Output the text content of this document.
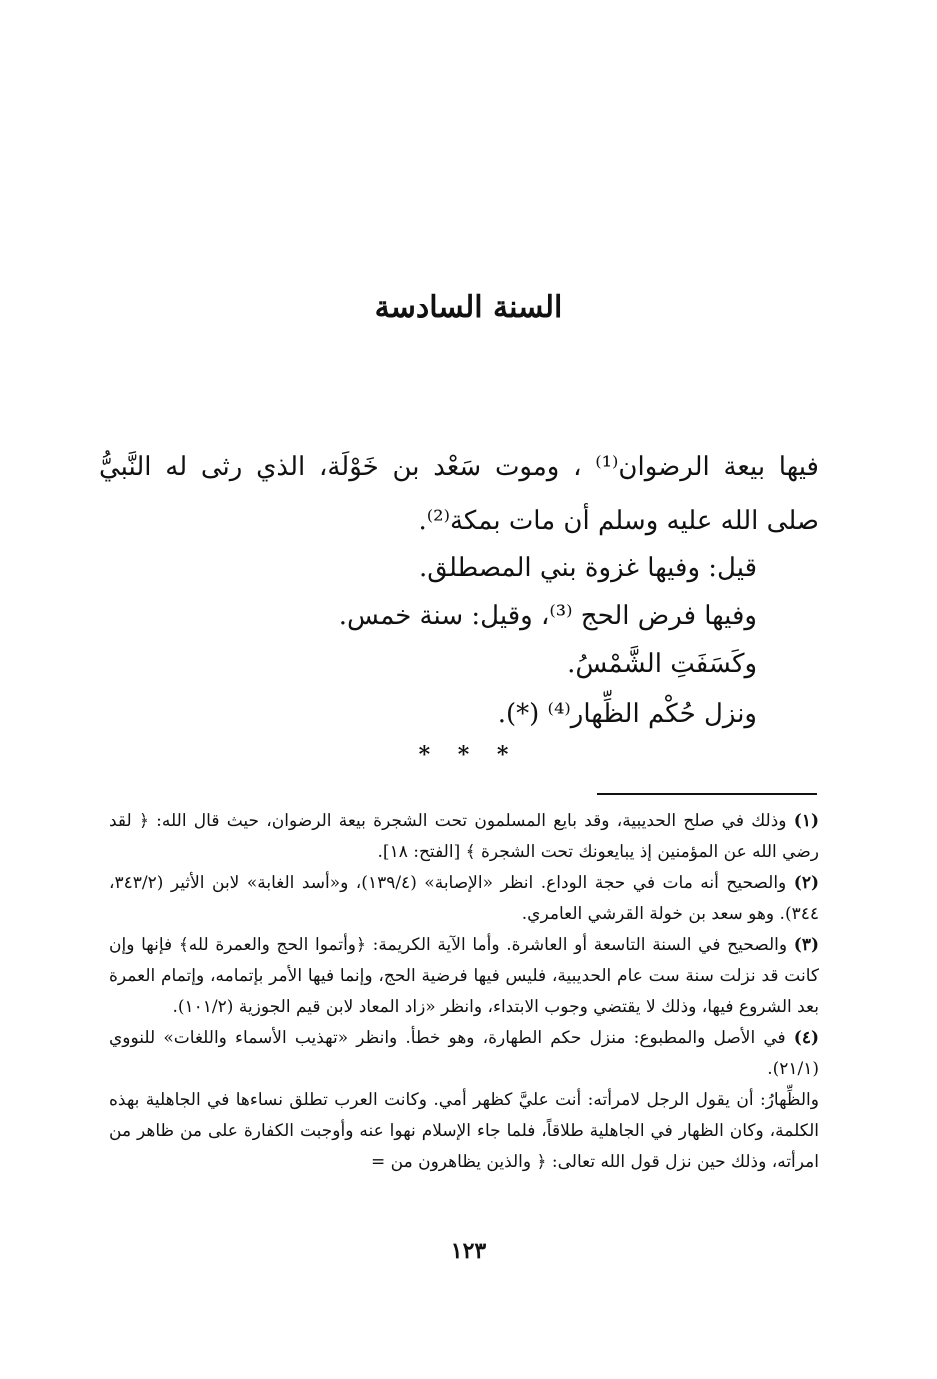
السنة السادسة
فيها بيعة الرضوان⁽¹⁾ ، وموت سَعْد بن خَوْلَة، الذي رثى له النَّبيُّ صلى الله عليه وسلم أن مات بمكة⁽²⁾.
قيل: وفيها غزوة بني المصطلق.
وفيها فرض الحج ⁽³⁾، وقيل: سنة خمس.
وكَسَفَتِ الشَّمْسُ.
ونزل حُكْم الظِّهار⁽⁴⁾ (*).
* * *

(١) وذلك في صلح الحديبية، وقد بايع المسلمون تحت الشجرة بيعة الرضوان، حيث قال الله: ﴿ لقد رضي الله عن المؤمنين إذ يبايعونك تحت الشجرة ﴾ [الفتح: ١٨].

(٢) والصحيح أنه مات في حجة الوداع. انظر «الإصابة» (١٣٩/٤)، و«أسد الغابة» لابن الأثير (٣٤٣/٢، ٣٤٤). وهو سعد بن خولة القرشي العامري.

(٣) والصحيح في السنة التاسعة أو العاشرة. وأما الآية الكريمة: ﴿وأتموا الحج والعمرة لله﴾ فإنها وإن كانت قد نزلت سنة ست عام الحديبية، فليس فيها فرضية الحج، وإنما فيها الأمر بإتمامه، وإتمام العمرة بعد الشروع فيها، وذلك لا يقتضي وجوب الابتداء، وانظر «زاد المعاد لابن قيم الجوزية (١٠١/٢).

(٤) في الأصل والمطبوع: منزل حكم الطهارة، وهو خطأ. وانظر «تهذيب الأسماء واللغات» للنووي (٢١/١).

والظِّهارُ: أن يقول الرجل لامرأته: أنت عليَّ كظهر أمي. وكانت العرب تطلق نساءها في الجاهلية بهذه الكلمة، وكان الظهار في الجاهلية طلاقاً، فلما جاء الإسلام نهوا عنه وأوجبت الكفارة على من ظاهر من امرأته، وذلك حين نزل قول الله تعالى: ﴿ والذين يظاهرون من =

١٢٣
